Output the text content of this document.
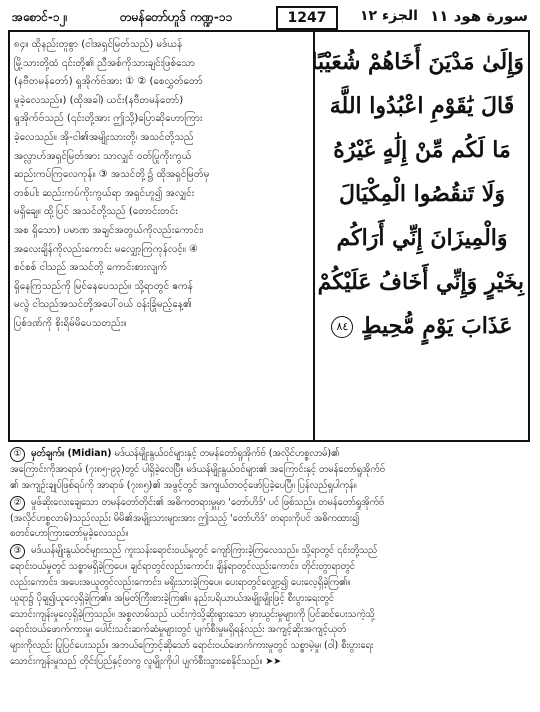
အစောင်-၁၂၊	တမန်တော်ဟူဒ် ကဏ္ဍ-၁၁	1247	الجزء ١٢ سورة هود ١١

၈၄။ ထိုနည်းတူစွာ (ငါအရှင်မြတ်သည်) မဒ်ယန်

မြို့သားတို့ထံ ၎င်းတို့၏ ညီအစ်ကိုသားချင်းဖြစ်သော

(နဗီတမန်တော်) ရှုအိုက်ဗ်အား ① ② (စေလွှတ်တော်

မူခဲ့လေသည်။) (ထိုအခါ) ယင်း(နဗီတမန်တော်)

ရှုအိုက်ဗ်သည် (၎င်းတို့အား ဤသို့)ပြောဆိုဟောကြား

ခဲ့လေသည်။ အို-ငါ၏အမျိုးသားတို့၊ အသင်တို့သည်

အလ္လာဟ်အရှင်မြတ်အား သာလျှင် ဝတ်ပြုကိုးကွယ်

ဆည်းကပ်ကြလေကုန်။ ③ အသင်တို့၌ ထိုအရှင်မြတ်မှ

တစ်ပါး ဆည်းကပ်ကိုးကွယ်ရာ အရှင်ဟူ၍ အလျှင်း

မရှိချေ။ ထို့ပြင် အသင်တို့သည် (တောင်းတင်း

အစ ရှိသော) ပမာဏ အချင်အတွယ်ကိုလည်းကောင်း၊

အလေးချိန်ကိုလည်းကောင်း မလျှော့ကြကုန်လင့်။ ④

စင်စစ် ငါသည် အသင်တို့ ကောင်းစားလျက်

ရှိနေကြသည်ကို မြင်နေပေသည်။ သို့ရာတွင် ဧကန်

မလွဲ ငါသည်အသင်တို့အပေါ်ဝယ် ဝန်းခြုံမည့်နေ့၏

ပြစ်ဒဏ်ကို စိုးရိမ်မိပေသတည်း။

وَإِلَىٰ مَدْيَنَ أَخَاهُمْ شُعَيْبًا
قَالَ يَٰقَوْمِ اعْبُدُوا اللَّهَ
مَا لَكُم مِّنْ إِلَٰهٍ غَيْرُهُ
وَلَا تَنقُصُوا الْمِكْيَالَ
وَالْمِيزَانَ إِنِّي أَرَاكُم
بِخَيْرٍ وَإِنِّي أَخَافُ عَلَيْكُمْ
عَذَابَ يَوْمٍ مُّحِيطٍ ٨٤

① မှတ်ချက်။ (Midian) မဒ်ယန်မျိုးနွယ်ဝင်များနှင့် တမန်တော်ရှုအိုက်ဗ် (အလိုင်ဟစ္စလာမ်)၏

အကြောင်းကိုအာရာဖ် (၇း၈၅-၉၃)တွင် ပါရှိခဲ့လေပြီ။ မဒ်ယန်မျိုးနွယ်ဝင်များ၏ အကြောင်းနှင့် တမန်တော်ရှုအိုက်ဗ်

၏ အကျဉ်းချုပ်ဖြစ်ရပ်ကို အာရာဖ် (၇း၈၅)၏ အဖွင့်တွင် အကျယ်တဝင့်ဖော်ပြခဲ့ပေပြီ။ ပြန်လည်ရှုပါကုန်။

② မှုဖ်ဆိုးလေးချေသော တမန်တော်တိုင်း၏ အဓိကတရားမှူမှာ 'တော်ဟိဒ်' ပင် ဖြစ်သည်။ တမန်တော်ရှုအိုက်ဗ်

(အလိုင်ဟစ္စလာမ်)သည်လည်း မိမိ၏အမျိုးသားများအား ဤသည့် 'တော်ဟိဒ်' တရားကိုပင် အဓိကထား၍

စတင်ဟောကြားတော်မူခဲ့လေသည်။

③ မဒ်ယန်မျိုးနွယ်ဝင်များသည် ကူးသန်းရောင်းဝယ်မှုတွင် ကျော်ကြားခဲ့ကြလေသည်။ သို့ရာတွင် ၎င်းတို့သည်

ရောင်းဝယ်မှုတွင် သစ္စာမရှိခဲ့ကြပေ။ ချင်ရာတွင်လည်းကောင်း၊ ချိန်ရာတွင်လည်းကောင်း၊ တိုင်းတွာရာတွင်

လည်းကောင်း၊ အပေးအယူတွင်လည်းကောင်း၊ မရိုးသားခဲ့ကြပေ။ ပေးရာတွင်လျှော့၍ ပေးလေ့ရှိခဲ့ကြ၏။

ယူရာ၌ ပိုချ၍ယူလေ့ရှိခဲ့ကြ၏။ အမြတ်ကြီးစားခဲ့ကြ၏။ နည်းပရိယာယ်အမျိုးမျိုးဖြင့် စီးပွားရေးတွင်

သောင်းကျန်းမှုလေ့ရှိခဲ့ကြသည်။ အစ္စလာမ်သည် ယင်းကဲ့သို့ဆိုးရွားသော မှားယွင်းမှုများကို ပြင်ဆင်ပေးသကဲ့သို့

ရောင်းဝယ်ဖောက်ကားမှု၊ ပေါင်းသင်းဆက်ဆံမှုများတွင် ပျက်စီးမှုမရှိရန်လည်း အကျင့်ဆိုးအကျင့်ယုတ်

များကိုလည်း ပြုပြင်ပေးသည်။ အဘယ်ကြောင့်ဆိုသော် ရောင်းဝယ်ဖောက်ကားမှုတွင် သစ္စာမဲ့မှု၊ (ဝါ) စီးပွားရေး

သောင်းကျန်းမှုသည် တိုင်းပြည်နှင့်တကွ လူမျိုးကိုပါ ပျက်စီးသွားစေနိုင်သည်။ ➤➤
